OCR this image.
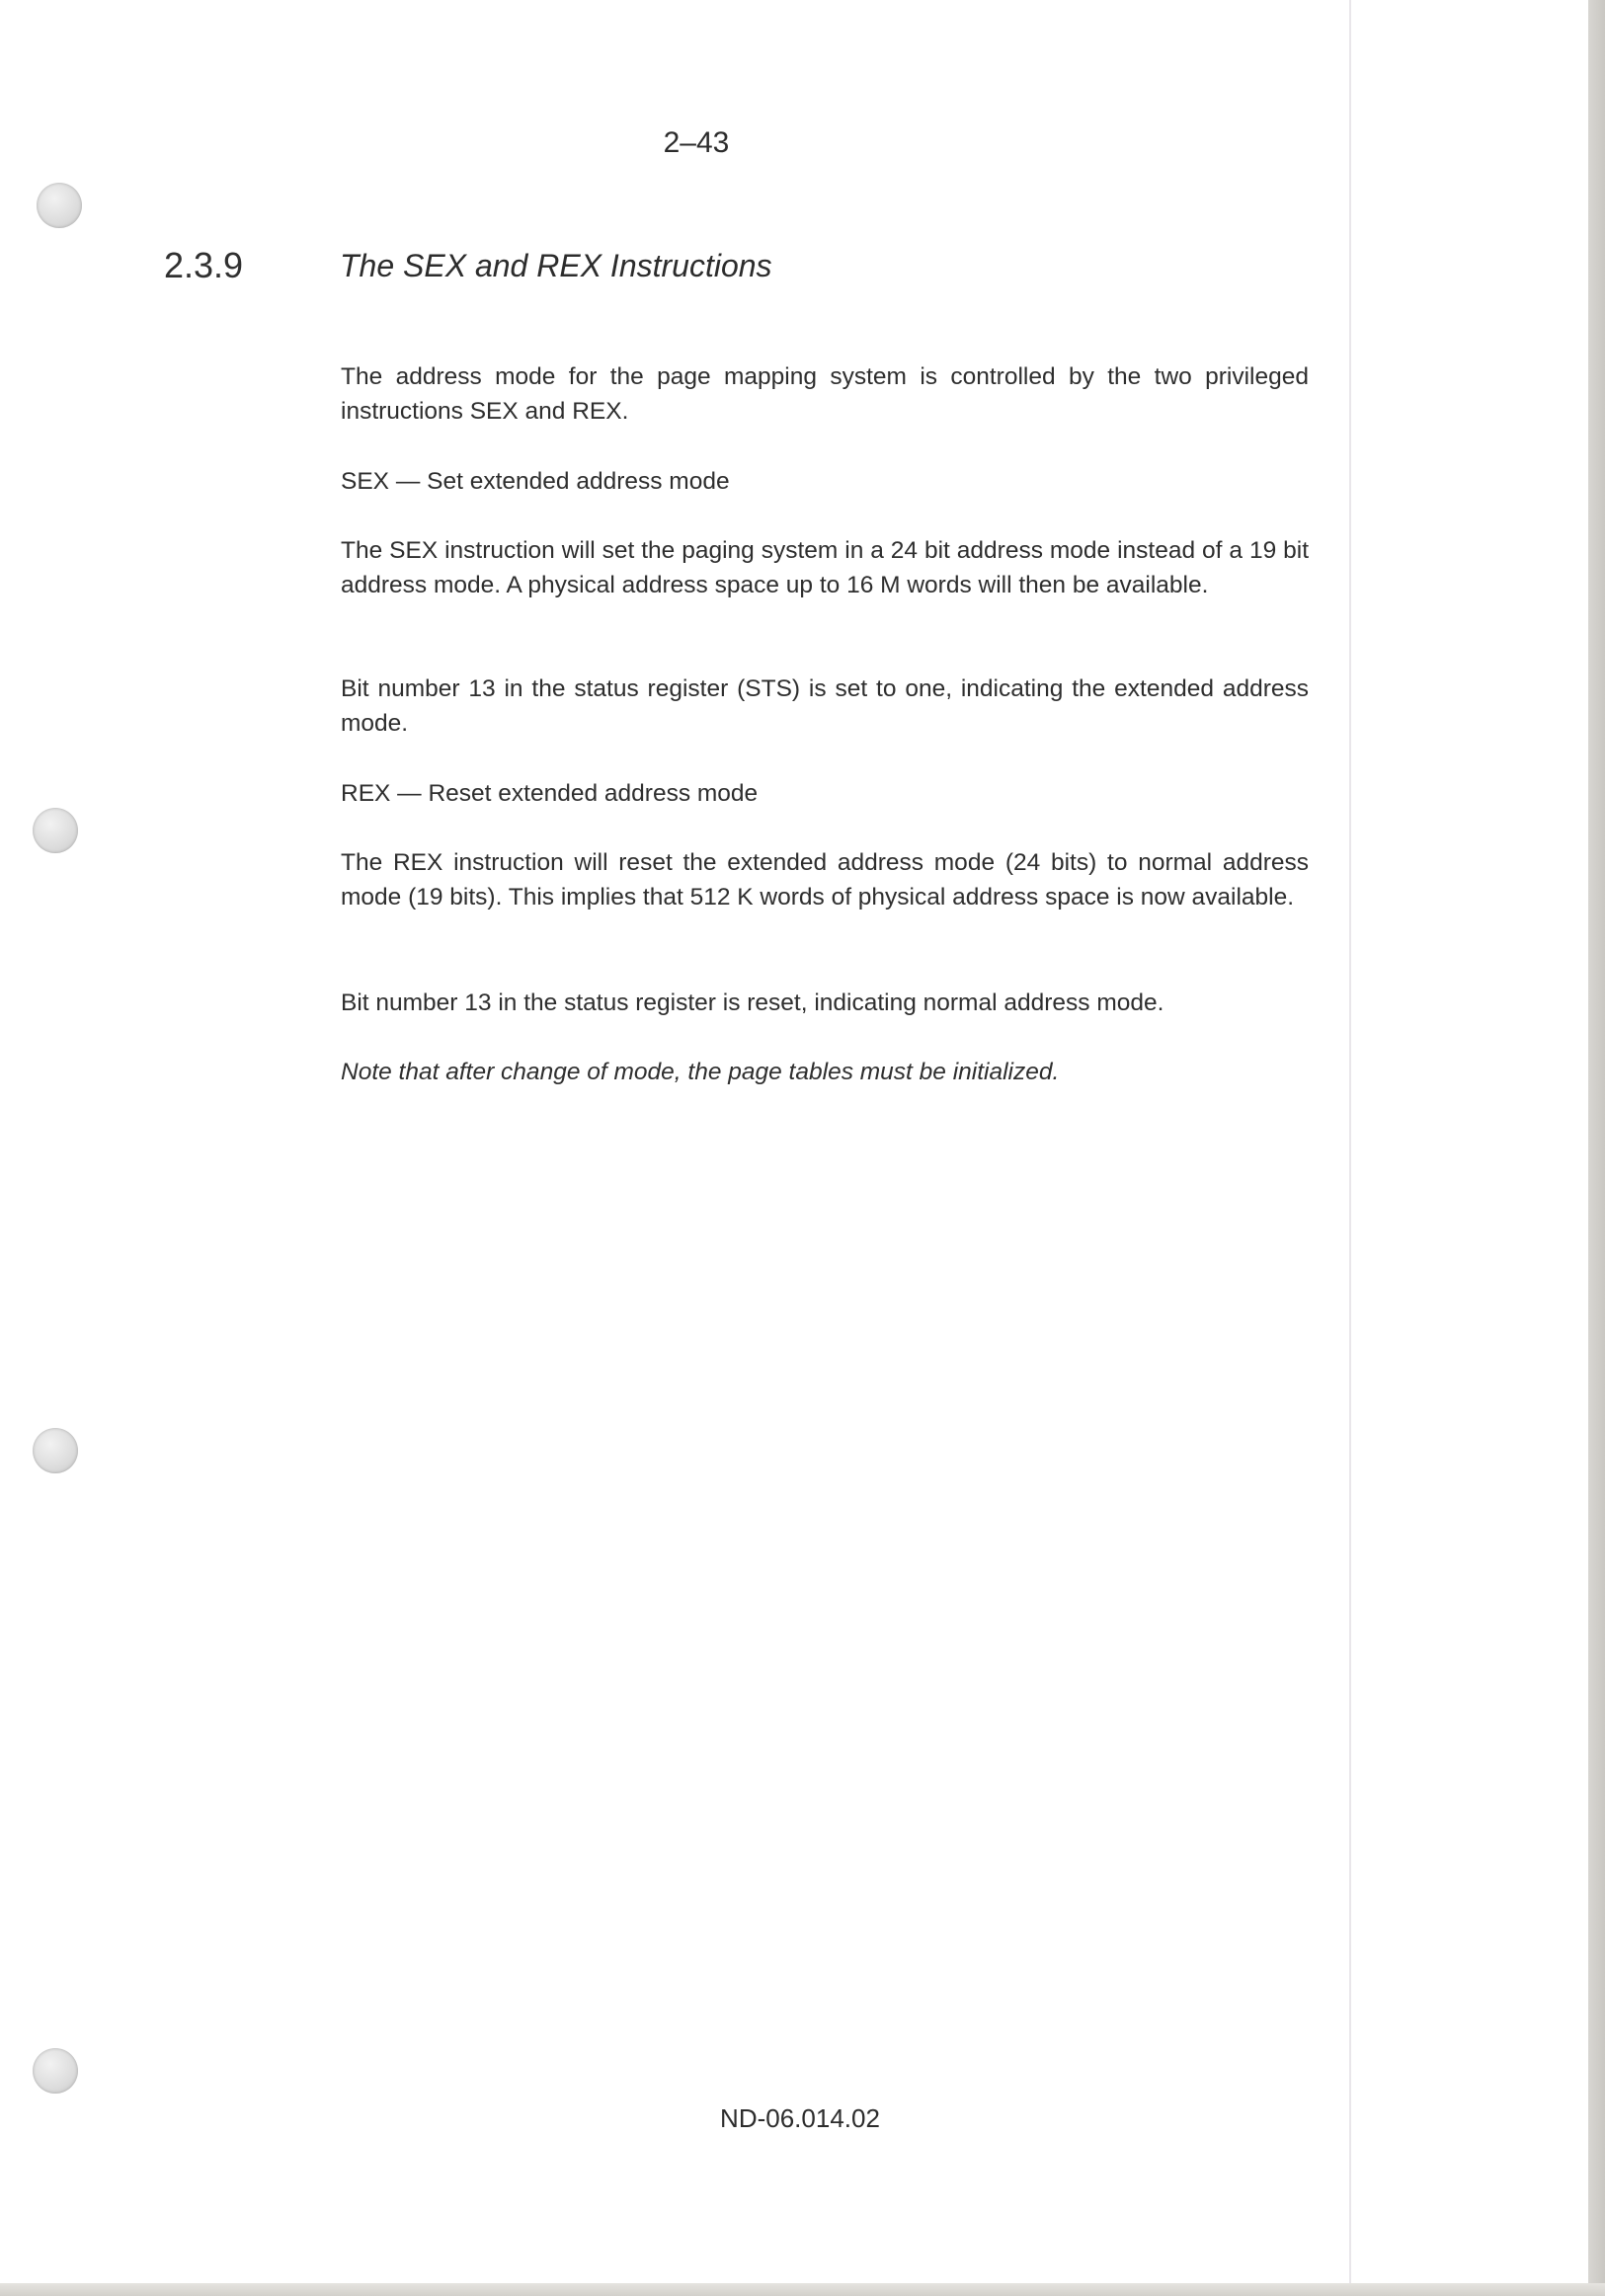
2–43
2.3.9	The SEX and REX Instructions

The address mode for the page mapping system is controlled by the two privileged instructions SEX and REX.

SEX — Set extended address mode

The SEX instruction will set the paging system in a 24 bit address mode instead of a 19 bit address mode. A physical address space up to 16 M words will then be available.

Bit number 13 in the status register (STS) is set to one, indicating the extended address mode.

REX — Reset extended address mode

The REX instruction will reset the extended address mode (24 bits) to normal address mode (19 bits). This implies that 512 K words of physical address space is now available.

Bit number 13 in the status register is reset, indicating normal address mode.

Note that after change of mode, the page tables must be initialized.

ND-06.014.02
